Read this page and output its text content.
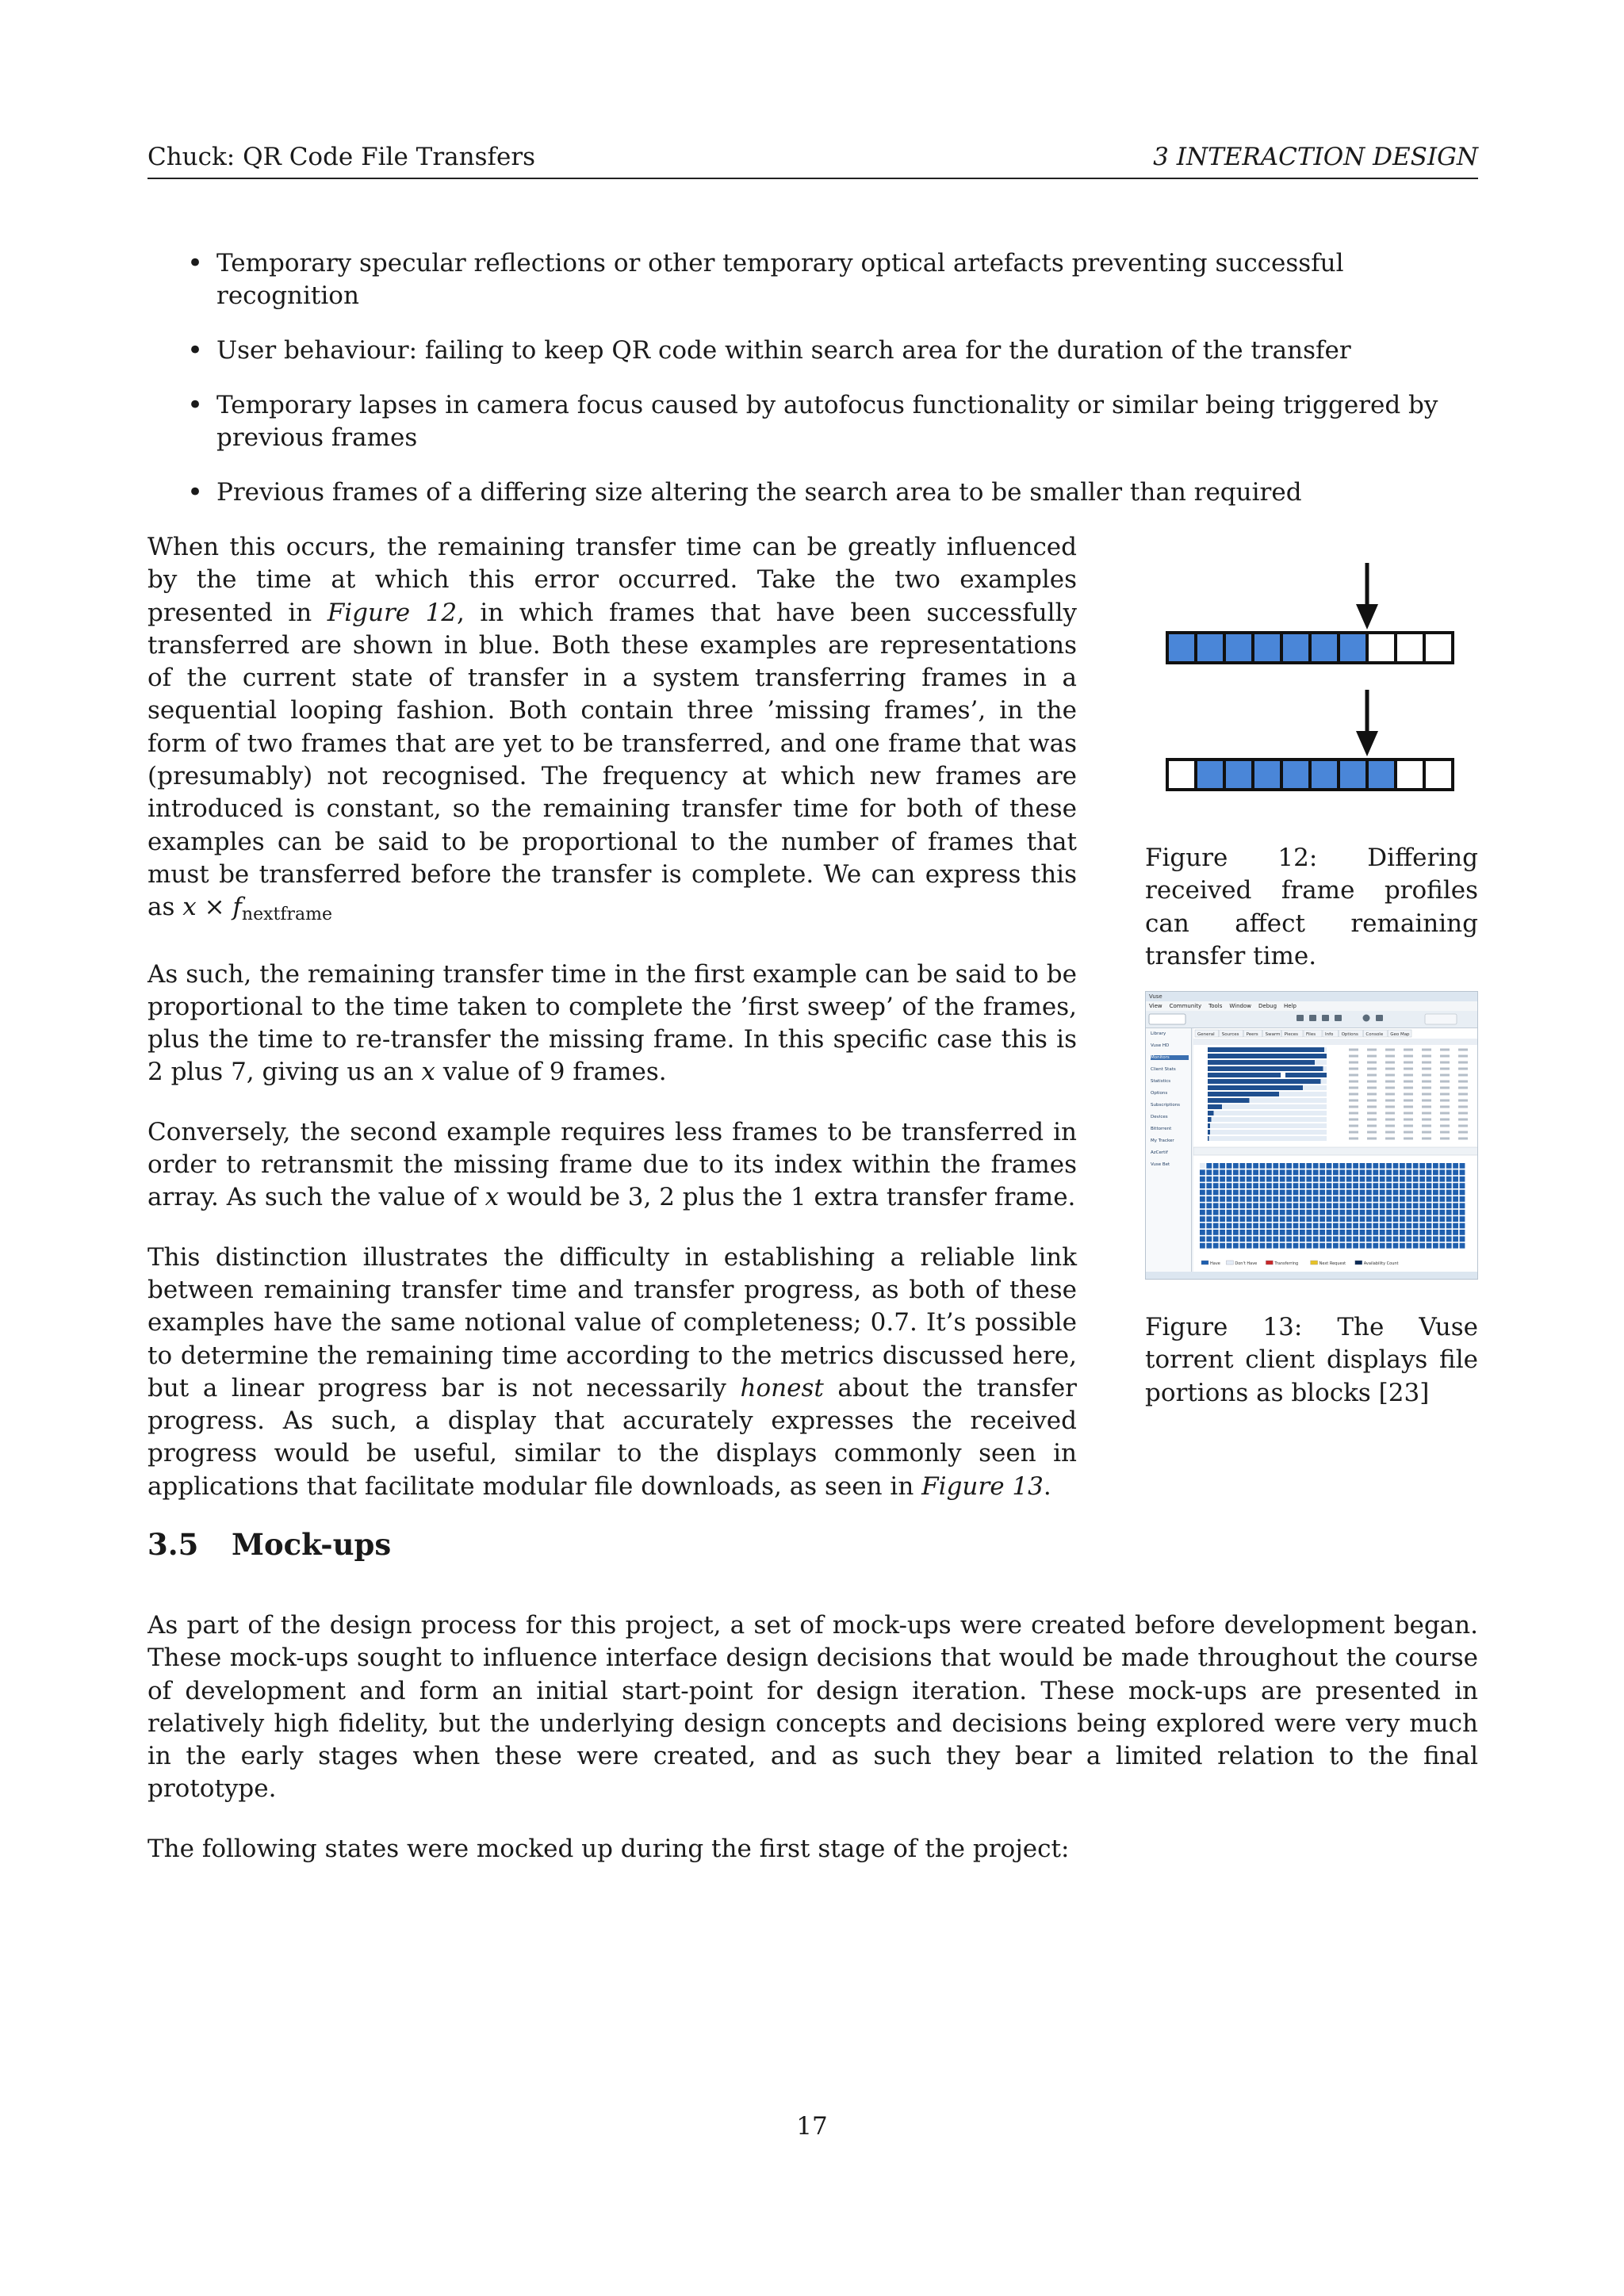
Chuck: QR Code File Transfers	3 INTERACTION DESIGN
• Temporary specular reflections or other temporary optical artefacts preventing successful recognition
• User behaviour: failing to keep QR code within search area for the duration of the transfer
• Temporary lapses in camera focus caused by autofocus functionality or similar being triggered by previous frames
• Previous frames of a differing size altering the search area to be smaller than required

When this occurs, the remaining transfer time can be greatly influenced by the time at which this error occurred. Take the two examples presented in Figure 12, in which frames that have been successfully transferred are shown in blue. Both these examples are representations of the current state of transfer in a system transferring frames in a sequential looping fashion. Both contain three ’missing frames’, in the form of two frames that are yet to be transferred, and one frame that was (presumably) not recognised. The frequency at which new frames are introduced is constant, so the remaining transfer time for both of these examples can be said to be proportional to the number of frames that must be transferred before the transfer is complete. We can express this as $x \times f_{nextframe}$

As such, the remaining transfer time in the first example can be said to be proportional to the time taken to complete the ’first sweep’ of the frames, plus the time to re-transfer the missing frame. In this specific case this is 2 plus 7, giving us an x value of 9 frames.

Conversely, the second example requires less frames to be transferred in order to retransmit the missing frame due to its index within the frames array. As such the value of x would be 3, 2 plus the 1 extra transfer frame.

This distinction illustrates the difficulty in establishing a reliable link between remaining transfer time and transfer progress, as both of these examples have the same notional value of completeness; 0.7. It’s possible to determine the remaining time according to the metrics discussed here, but a linear progress bar is not necessarily honest about the transfer progress. As such, a display that accurately expresses the received progress would be useful, similar to the displays commonly seen in applications that facilitate modular file downloads, as seen in Figure 13.

Figure 12: Differing received frame profiles can affect remaining transfer time.
Vuse
View Community Tools Window Debug Help
Library
Vuse HD
Monitors
Client Stats
Statistics
Options
Subscriptions
Devices
Bittorrent
My Tracker
AzCertif
Vuse Bet
General Sources Peers Swarm Pieces Files Info Options Console Geo Map
Have	Don't Have	Transferring	Next Request	Availability Count
Figure 13: The Vuse torrent client displays file portions as blocks [23]
3.5 Mock-ups

As part of the design process for this project, a set of mock-ups were created before development began. These mock-ups sought to influence interface design decisions that would be made throughout the course of development and form an initial start-point for design iteration. These mock-ups are presented in relatively high fidelity, but the underlying design concepts and decisions being explored were very much in the early stages when these were created, and as such they bear a limited relation to the final prototype.

The following states were mocked up during the first stage of the project:

17
